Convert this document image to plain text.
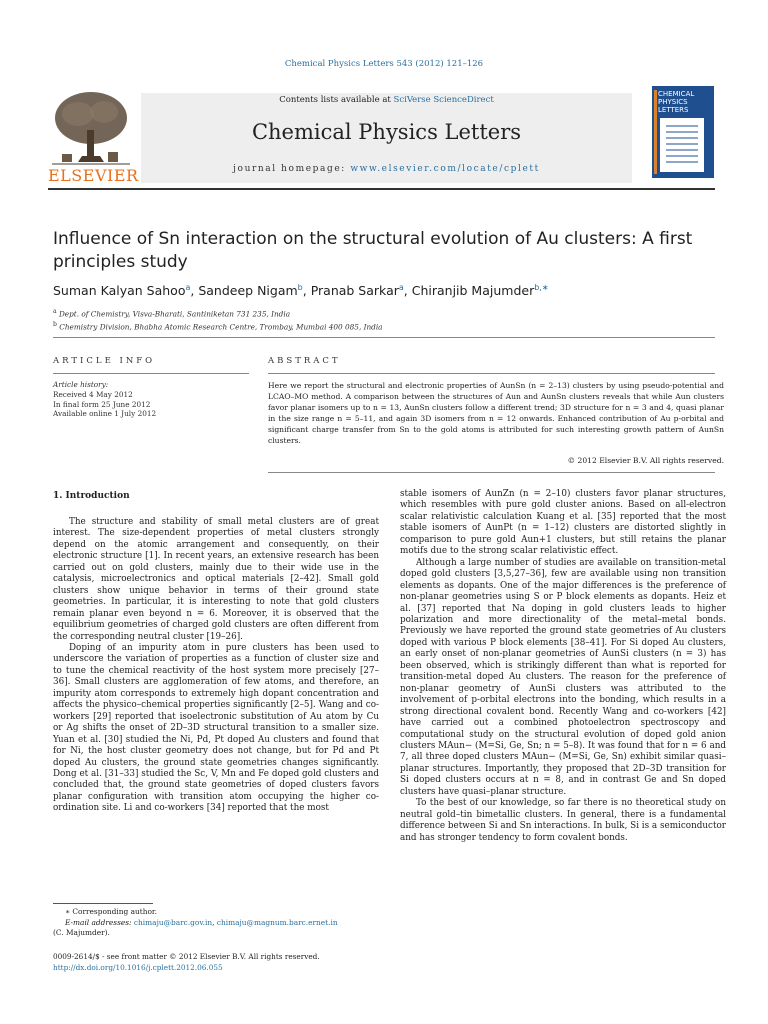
Chemical Physics Letters 543 (2012) 121–126
Contents lists available at SciVerse ScienceDirect
Chemical Physics Letters
journal homepage: www.elsevier.com/locate/cplett
ELSEVIER
CHEMICAL
PHYSICS
LETTERS
Influence of Sn interaction on the structural evolution of Au clusters: A first principles study
Suman Kalyan Sahoo$^a$, Sandeep Nigam$^b$, Pranab Sarkar$^a$, Chiranjib Majumder$^{b,∗}$
$^a$ Dept. of Chemistry, Visva-Bharati, Santiniketan 731 235, India
$^b$ Chemistry Division, Bhabha Atomic Research Centre, Trombay, Mumbai 400 085, India
ARTICLE INFO	ABSTRACT
Article history:
Received 4 May 2012
In final form 25 June 2012
Available online 1 July 2012
Here we report the structural and electronic properties of AunSn (n = 2–13) clusters by using pseudo-potential and LCAO–MO method. A comparison between the structures of Aun and AunSn clusters reveals that while Aun clusters favor planar isomers up to n = 13, AunSn clusters follow a different trend; 3D structure for n = 3 and 4, quasi planar in the size range n = 5–11, and again 3D isomers from n = 12 onwards. Enhanced contribution of Au p-orbital and significant charge transfer from Sn to the gold atoms is attributed for such interesting growth pattern of AunSn clusters.
© 2012 Elsevier B.V. All rights reserved.
1. Introduction

The structure and stability of small metal clusters are of great interest. The size-dependent properties of metal clusters strongly depend on the atomic arrangement and consequently, on their electronic structure [1]. In recent years, an extensive research has been carried out on gold clusters, mainly due to their wide use in the catalysis, microelectronics and optical materials [2–42]. Small gold clusters show unique behavior in terms of their ground state geometries. In particular, it is interesting to note that gold clusters remain planar even beyond n = 6. Moreover, it is observed that the equilibrium geometries of charged gold clusters are often different from the corresponding neutral cluster [19–26].

Doping of an impurity atom in pure clusters has been used to underscore the variation of properties as a function of cluster size and to tune the chemical reactivity of the host system more precisely [27–36]. Small clusters are agglomeration of few atoms, and therefore, an impurity atom corresponds to extremely high dopant concentration and affects the physico–chemical properties significantly [2–5]. Wang and co-workers [29] reported that isoelectronic substitution of Au atom by Cu or Ag shifts the onset of 2D–3D structural transition to a smaller size. Yuan et al. [30] studied the Ni, Pd, Pt doped Au clusters and found that for Ni, the host cluster geometry does not change, but for Pd and Pt doped Au clusters, the ground state geometries changes significantly. Dong et al. [31–33] studied the Sc, V, Mn and Fe doped gold clusters and concluded that, the ground state geometries of doped clusters favors planar configuration with transition atom occupying the higher co-ordination site. Li and co-workers [34] reported that the most

stable isomers of AunZn (n = 2–10) clusters favor planar structures, which resembles with pure gold cluster anions. Based on all-electron scalar relativistic calculation Kuang et al. [35] reported that the most stable isomers of AunPt (n = 1–12) clusters are distorted slightly in comparison to pure gold Aun+1 clusters, but still retains the planar motifs due to the strong scalar relativistic effect.

Although a large number of studies are available on transition-metal doped gold clusters [3,5,27–36], few are available using non transition elements as dopants. One of the major differences is the preference of non-planar geometries using S or P block elements as dopants. Heiz et al. [37] reported that Na doping in gold clusters leads to higher polarization and more directionality of the metal–metal bonds. Previously we have reported the ground state geometries of Au clusters doped with various P block elements [38–41]. For Si doped Au clusters, an early onset of non-planar geometries of AunSi clusters (n = 3) has been observed, which is strikingly different than what is reported for transition-metal doped Au clusters. The reason for the preference of non-planar geometry of AunSi clusters was attributed to the involvement of p-orbital electrons into the bonding, which results in a strong directional covalent bond. Recently Wang and co-workers [42] have carried out a combined photoelectron spectroscopy and computational study on the structural evolution of doped gold anion clusters MAun− (M=Si, Ge, Sn; n = 5–8). It was found that for n = 6 and 7, all three doped clusters MAun− (M=Si, Ge, Sn) exhibit similar quasi–planar structures. Importantly, they proposed that 2D–3D transition for Si doped clusters occurs at n = 8, and in contrast Ge and Sn doped clusters have quasi–planar structure.

To the best of our knowledge, so far there is no theoretical study on neutral gold–tin bimetallic clusters. In general, there is a fundamental difference between Si and Sn interactions. In bulk, Si is a semiconductor and has stronger tendency to form covalent bonds.

∗ Corresponding author.
E-mail addresses: chimaju@barc.gov.in, chimaju@magnum.barc.ernet.in
(C. Majumder).
0009-2614/$ - see front matter © 2012 Elsevier B.V. All rights reserved.
http://dx.doi.org/10.1016/j.cplett.2012.06.055
